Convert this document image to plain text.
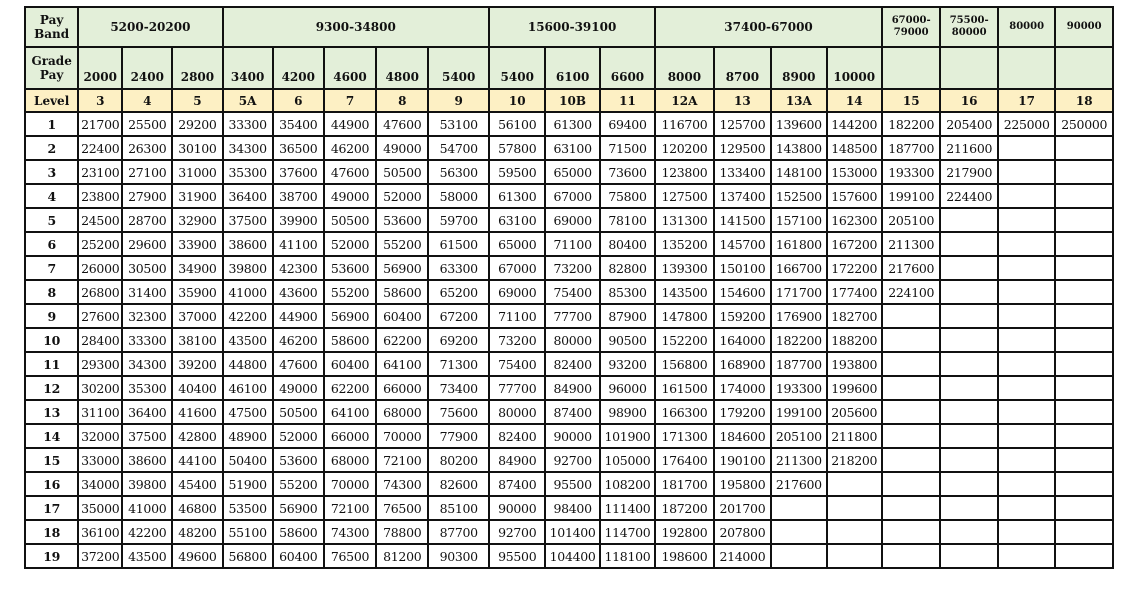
Pay Band	5200-20200			9300-34800					15600-39100			37400-67000				67000-79000	75500-80000	80000	90000
Grade Pay	2000	2400	2800	3400	4200	4600	4800	5400	5400	6100	6600	8000	8700	8900	10000				
Level	3	4	5	5A	6	7	8	9	10	10B	11	12A	13	13A	14	15	16	17	18
1	21700	25500	29200	33300	35400	44900	47600	53100	56100	61300	69400	116700	125700	139600	144200	182200	205400	225000	250000
2	22400	26300	30100	34300	36500	46200	49000	54700	57800	63100	71500	120200	129500	143800	148500	187700	211600		
3	23100	27100	31000	35300	37600	47600	50500	56300	59500	65000	73600	123800	133400	148100	153000	193300	217900		
4	23800	27900	31900	36400	38700	49000	52000	58000	61300	67000	75800	127500	137400	152500	157600	199100	224400		
5	24500	28700	32900	37500	39900	50500	53600	59700	63100	69000	78100	131300	141500	157100	162300	205100			
6	25200	29600	33900	38600	41100	52000	55200	61500	65000	71100	80400	135200	145700	161800	167200	211300			
7	26000	30500	34900	39800	42300	53600	56900	63300	67000	73200	82800	139300	150100	166700	172200	217600			
8	26800	31400	35900	41000	43600	55200	58600	65200	69000	75400	85300	143500	154600	171700	177400	224100			
9	27600	32300	37000	42200	44900	56900	60400	67200	71100	77700	87900	147800	159200	176900	182700				
10	28400	33300	38100	43500	46200	58600	62200	69200	73200	80000	90500	152200	164000	182200	188200				
11	29300	34300	39200	44800	47600	60400	64100	71300	75400	82400	93200	156800	168900	187700	193800				
12	30200	35300	40400	46100	49000	62200	66000	73400	77700	84900	96000	161500	174000	193300	199600				
13	31100	36400	41600	47500	50500	64100	68000	75600	80000	87400	98900	166300	179200	199100	205600				
14	32000	37500	42800	48900	52000	66000	70000	77900	82400	90000	101900	171300	184600	205100	211800				
15	33000	38600	44100	50400	53600	68000	72100	80200	84900	92700	105000	176400	190100	211300	218200				
16	34000	39800	45400	51900	55200	70000	74300	82600	87400	95500	108200	181700	195800	217600					
17	35000	41000	46800	53500	56900	72100	76500	85100	90000	98400	111400	187200	201700						
18	36100	42200	48200	55100	58600	74300	78800	87700	92700	101400	114700	192800	207800						
19	37200	43500	49600	56800	60400	76500	81200	90300	95500	104400	118100	198600	214000						
